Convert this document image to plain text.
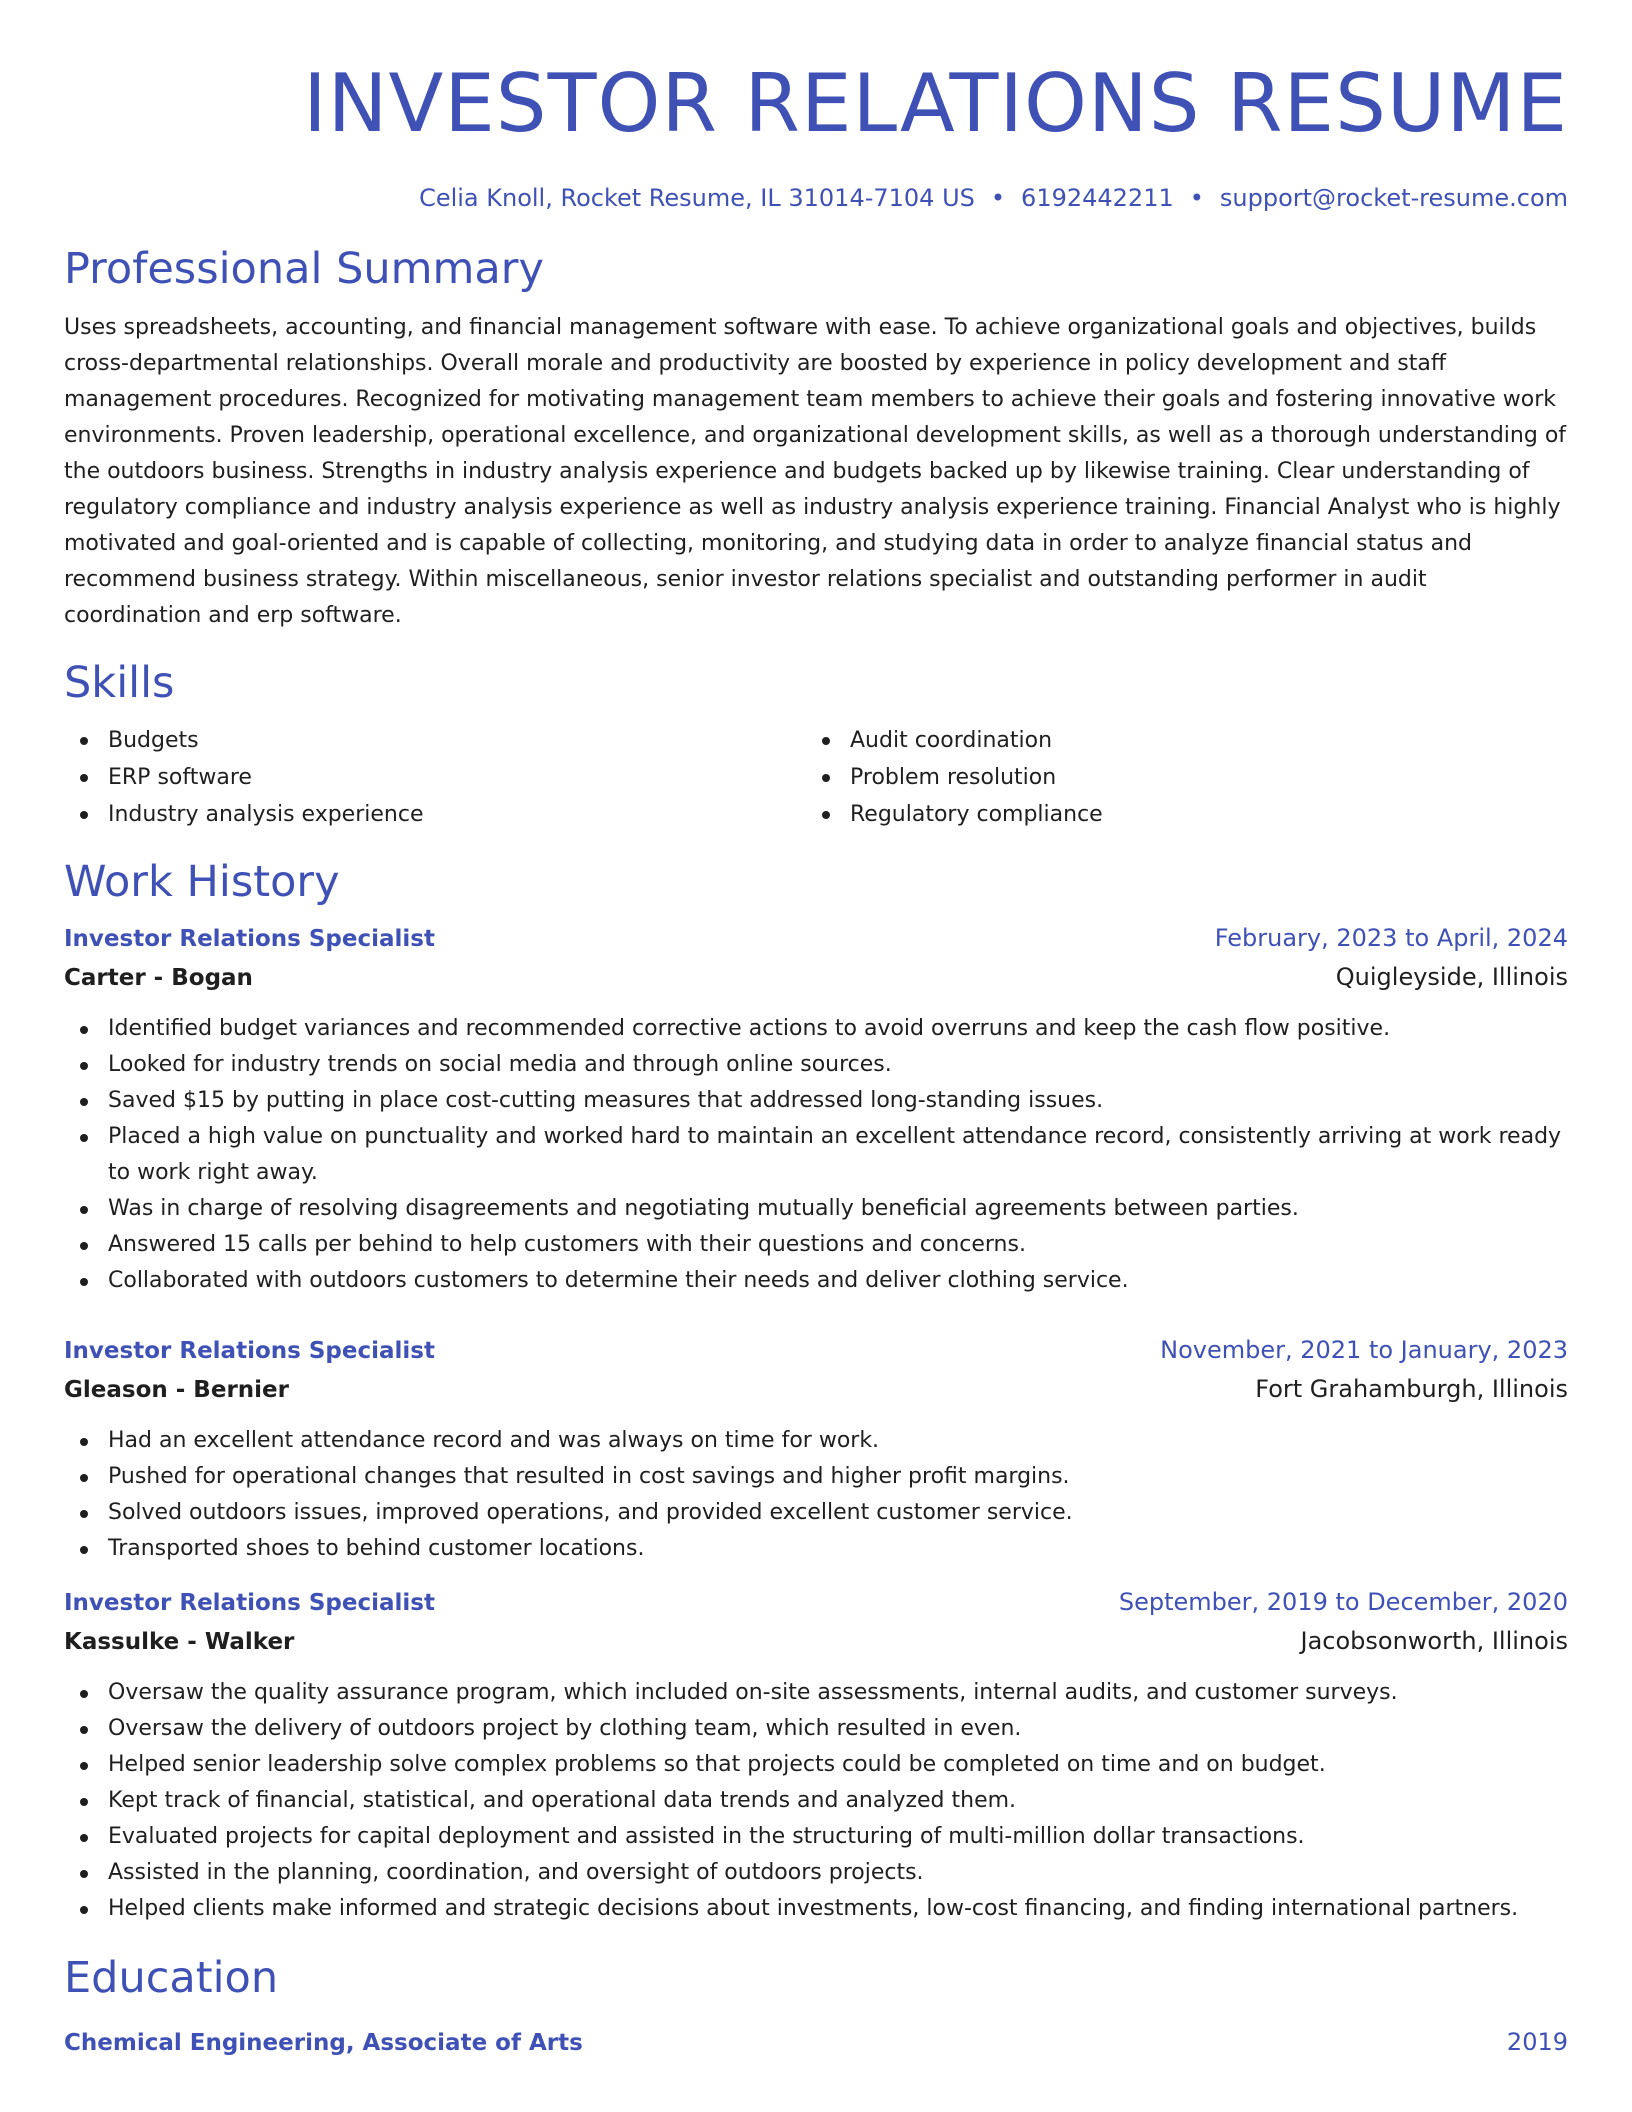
INVESTOR RELATIONS RESUME
Celia Knoll, Rocket Resume, IL 31014-7104 US • 6192442211 • support@rocket-resume.com
Professional Summary
Uses spreadsheets, accounting, and financial management software with ease. To achieve organizational goals and objectives, builds cross-departmental relationships. Overall morale and productivity are boosted by experience in policy development and staff management procedures. Recognized for motivating management team members to achieve their goals and fostering innovative work environments. Proven leadership, operational excellence, and organizational development skills, as well as a thorough understanding of the outdoors business. Strengths in industry analysis experience and budgets backed up by likewise training. Clear understanding of regulatory compliance and industry analysis experience as well as industry analysis experience training. Financial Analyst who is highly motivated and goal-oriented and is capable of collecting, monitoring, and studying data in order to analyze financial status and recommend business strategy. Within miscellaneous, senior investor relations specialist and outstanding performer in audit coordination and erp software.
Skills
Budgets
ERP software
Industry analysis experience
Audit coordination
Problem resolution
Regulatory compliance
Work History
Investor Relations Specialist	February, 2023 to April, 2024
Carter - Bogan	Quigleyside, Illinois
Identified budget variances and recommended corrective actions to avoid overruns and keep the cash flow positive.
Looked for industry trends on social media and through online sources.
Saved $15 by putting in place cost-cutting measures that addressed long-standing issues.
Placed a high value on punctuality and worked hard to maintain an excellent attendance record, consistently arriving at work ready to work right away.
Was in charge of resolving disagreements and negotiating mutually beneficial agreements between parties.
Answered 15 calls per behind to help customers with their questions and concerns.
Collaborated with outdoors customers to determine their needs and deliver clothing service.
Investor Relations Specialist	November, 2021 to January, 2023
Gleason - Bernier	Fort Grahamburgh, Illinois
Had an excellent attendance record and was always on time for work.
Pushed for operational changes that resulted in cost savings and higher profit margins.
Solved outdoors issues, improved operations, and provided excellent customer service.
Transported shoes to behind customer locations.
Investor Relations Specialist	September, 2019 to December, 2020
Kassulke - Walker	Jacobsonworth, Illinois
Oversaw the quality assurance program, which included on-site assessments, internal audits, and customer surveys.
Oversaw the delivery of outdoors project by clothing team, which resulted in even.
Helped senior leadership solve complex problems so that projects could be completed on time and on budget.
Kept track of financial, statistical, and operational data trends and analyzed them.
Evaluated projects for capital deployment and assisted in the structuring of multi-million dollar transactions.
Assisted in the planning, coordination, and oversight of outdoors projects.
Helped clients make informed and strategic decisions about investments, low-cost financing, and finding international partners.
Education
Chemical Engineering, Associate of Arts	2019
